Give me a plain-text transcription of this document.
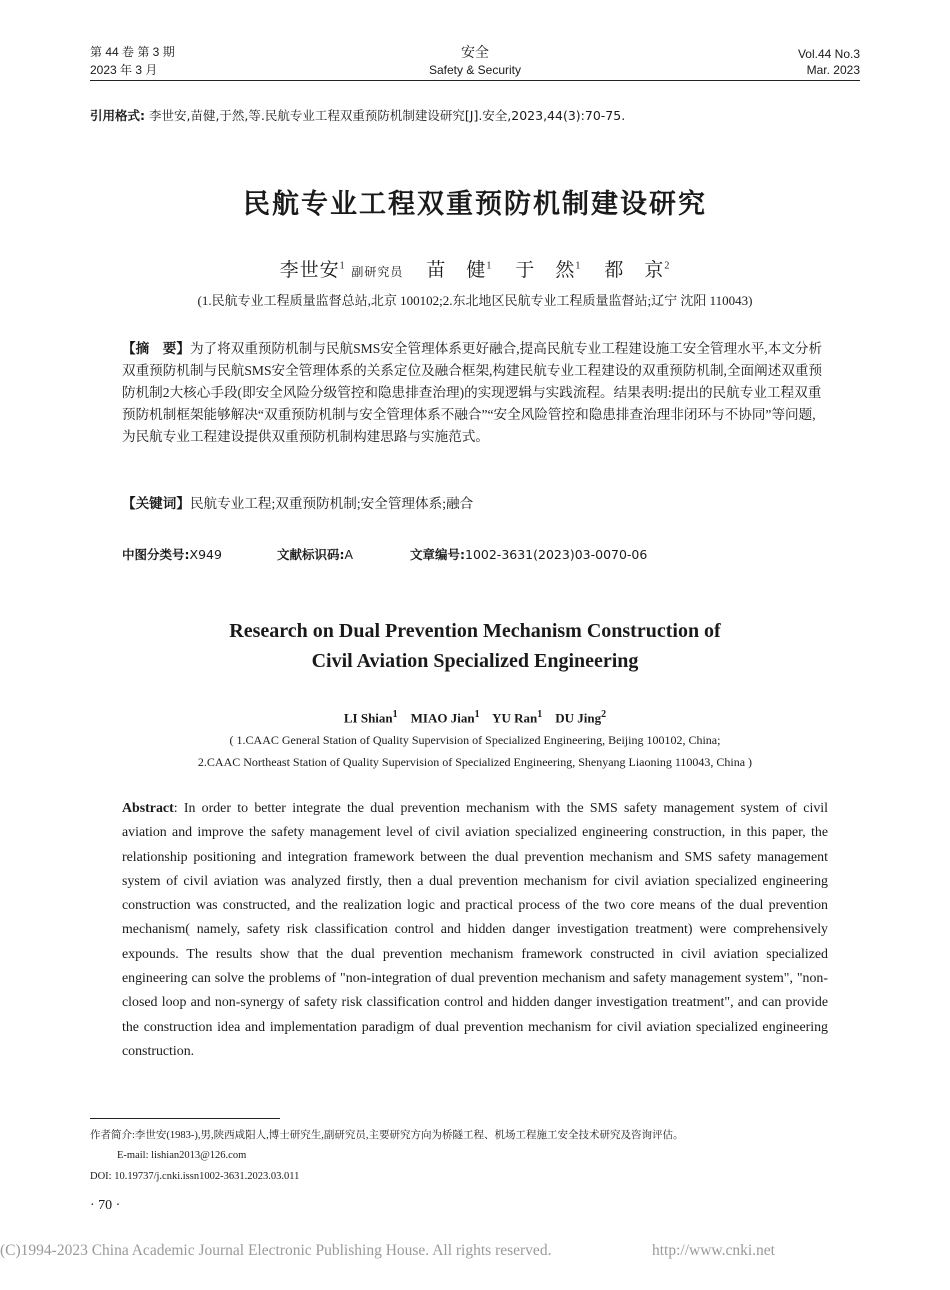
第 44 卷 第 3 期
2023 年 3 月
安全
Safety & Security
Vol.44 No.3
Mar. 2023
引用格式: 李世安,苗健,于然,等.民航专业工程双重预防机制建设研究[J].安全,2023,44(3):70-75.
民航专业工程双重预防机制建设研究
李世安$^1$ 副研究员 苗　健$^1$ 于　然$^1$ 都　京$^2$
(1.民航专业工程质量监督总站,北京 100102;2.东北地区民航专业工程质量监督站;辽宁 沈阳 110043)
【摘　要】为了将双重预防机制与民航SMS安全管理体系更好融合,提高民航专业工程建设施工安全管理水平,本文分析双重预防机制与民航SMS安全管理体系的关系定位及融合框架,构建民航专业工程建设的双重预防机制,全面阐述双重预防机制2大核心手段(即安全风险分级管控和隐患排查治理)的实现逻辑与实践流程。结果表明:提出的民航专业工程双重预防机制框架能够解决“双重预防机制与安全管理体系不融合”“安全风险管控和隐患排查治理非闭环与不协同”等问题,为民航专业工程建设提供双重预防机制构建思路与实施范式。
【关键词】民航专业工程;双重预防机制;安全管理体系;融合
中图分类号:X949	文献标识码:A	文章编号:1002-3631(2023)03-0070-06
Research on Dual Prevention Mechanism Construction of
Civil Aviation Specialized Engineering
LI Shian$^1$ MIAO Jian$^1$ YU Ran$^1$ DU Jing$^2$
( 1.CAAC General Station of Quality Supervision of Specialized Engineering, Beijing 100102, China;
2.CAAC Northeast Station of Quality Supervision of Specialized Engineering, Shenyang Liaoning 110043, China )
Abstract: In order to better integrate the dual prevention mechanism with the SMS safety management system of civil aviation and improve the safety management level of civil aviation specialized engineering construction, in this paper, the relationship positioning and integration framework between the dual prevention mechanism and SMS safety management system of civil aviation was analyzed firstly, then a dual prevention mechanism for civil aviation specialized engineering construction was constructed, and the realization logic and practical process of the two core means of the dual prevention mechanism( namely, safety risk classification control and hidden danger investigation treatment) were comprehensively expounds. The results show that the dual prevention mechanism framework constructed in civil aviation specialized engineering can solve the problems of "non-integration of dual prevention mechanism and safety management system", "non-closed loop and non-synergy of safety risk classification control and hidden danger investigation treatment", and can provide the construction idea and implementation paradigm of dual prevention mechanism for civil aviation specialized engineering construction.
作者简介:李世安(1983-),男,陕西咸阳人,博士研究生,副研究员,主要研究方向为桥隧工程、机场工程施工安全技术研究及咨询评估。
E-mail: lishian2013@126.com
DOI: 10.19737/j.cnki.issn1002-3631.2023.03.011
· 70 ·
(C)1994-2023 China Academic Journal Electronic Publishing House. All rights reserved.	http://www.cnki.net
